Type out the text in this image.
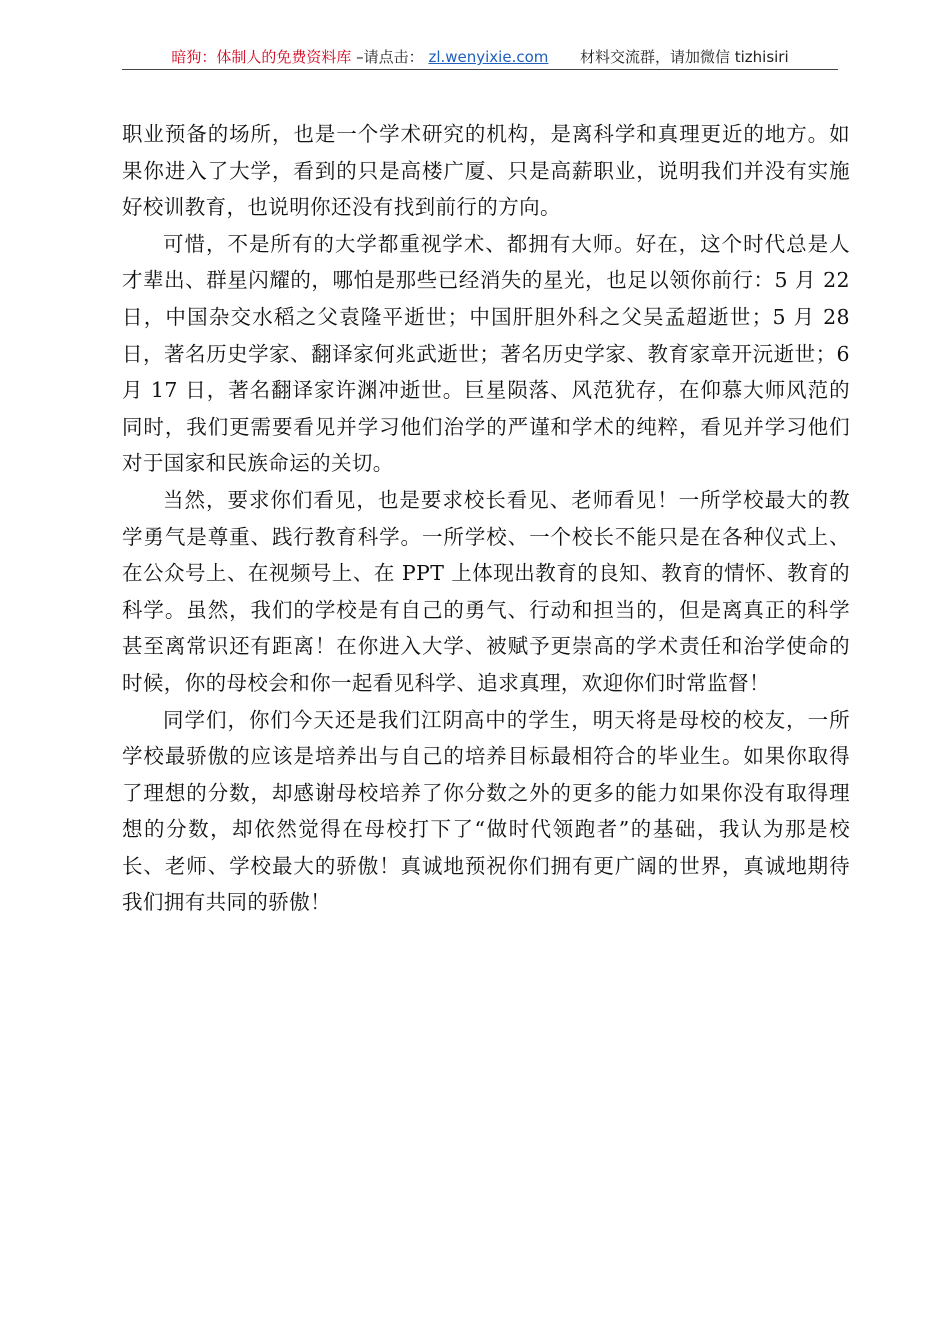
暗狗：体制人的免费资料库 –请点击： zl.wenyixie.com 材料交流群，请加微信 tizhisiri

职业预备的场所，也是一个学术研究的机构，是离科学和真理更近的地方。如果你进入了大学，看到的只是高楼广厦、只是高薪职业，说明我们并没有实施好校训教育，也说明你还没有找到前行的方向。

可惜，不是所有的大学都重视学术、都拥有大师。好在，这个时代总是人才辈出、群星闪耀的，哪怕是那些已经消失的星光，也足以领你前行：5 月 22 日，中国杂交水稻之父袁隆平逝世；中国肝胆外科之父吴孟超逝世；5 月 28 日，著名历史学家、翻译家何兆武逝世；著名历史学家、教育家章开沅逝世；6 月 17 日，著名翻译家许渊冲逝世。巨星陨落、风范犹存，在仰慕大师风范的同时，我们更需要看见并学习他们治学的严谨和学术的纯粹，看见并学习他们对于国家和民族命运的关切。

当然，要求你们看见，也是要求校长看见、老师看见！一所学校最大的教学勇气是尊重、践行教育科学。一所学校、一个校长不能只是在各种仪式上、在公众号上、在视频号上、在 PPT 上体现出教育的良知、教育的情怀、教育的科学。虽然，我们的学校是有自己的勇气、行动和担当的，但是离真正的科学甚至离常识还有距离！在你进入大学、被赋予更崇高的学术责任和治学使命的时候，你的母校会和你一起看见科学、追求真理，欢迎你们时常监督！

同学们，你们今天还是我们江阴高中的学生，明天将是母校的校友，一所学校最骄傲的应该是培养出与自己的培养目标最相符合的毕业生。如果你取得了理想的分数，却感谢母校培养了你分数之外的更多的能力如果你没有取得理想的分数，却依然觉得在母校打下了“做时代领跑者”的基础，我认为那是校长、老师、学校最大的骄傲！真诚地预祝你们拥有更广阔的世界，真诚地期待我们拥有共同的骄傲！
